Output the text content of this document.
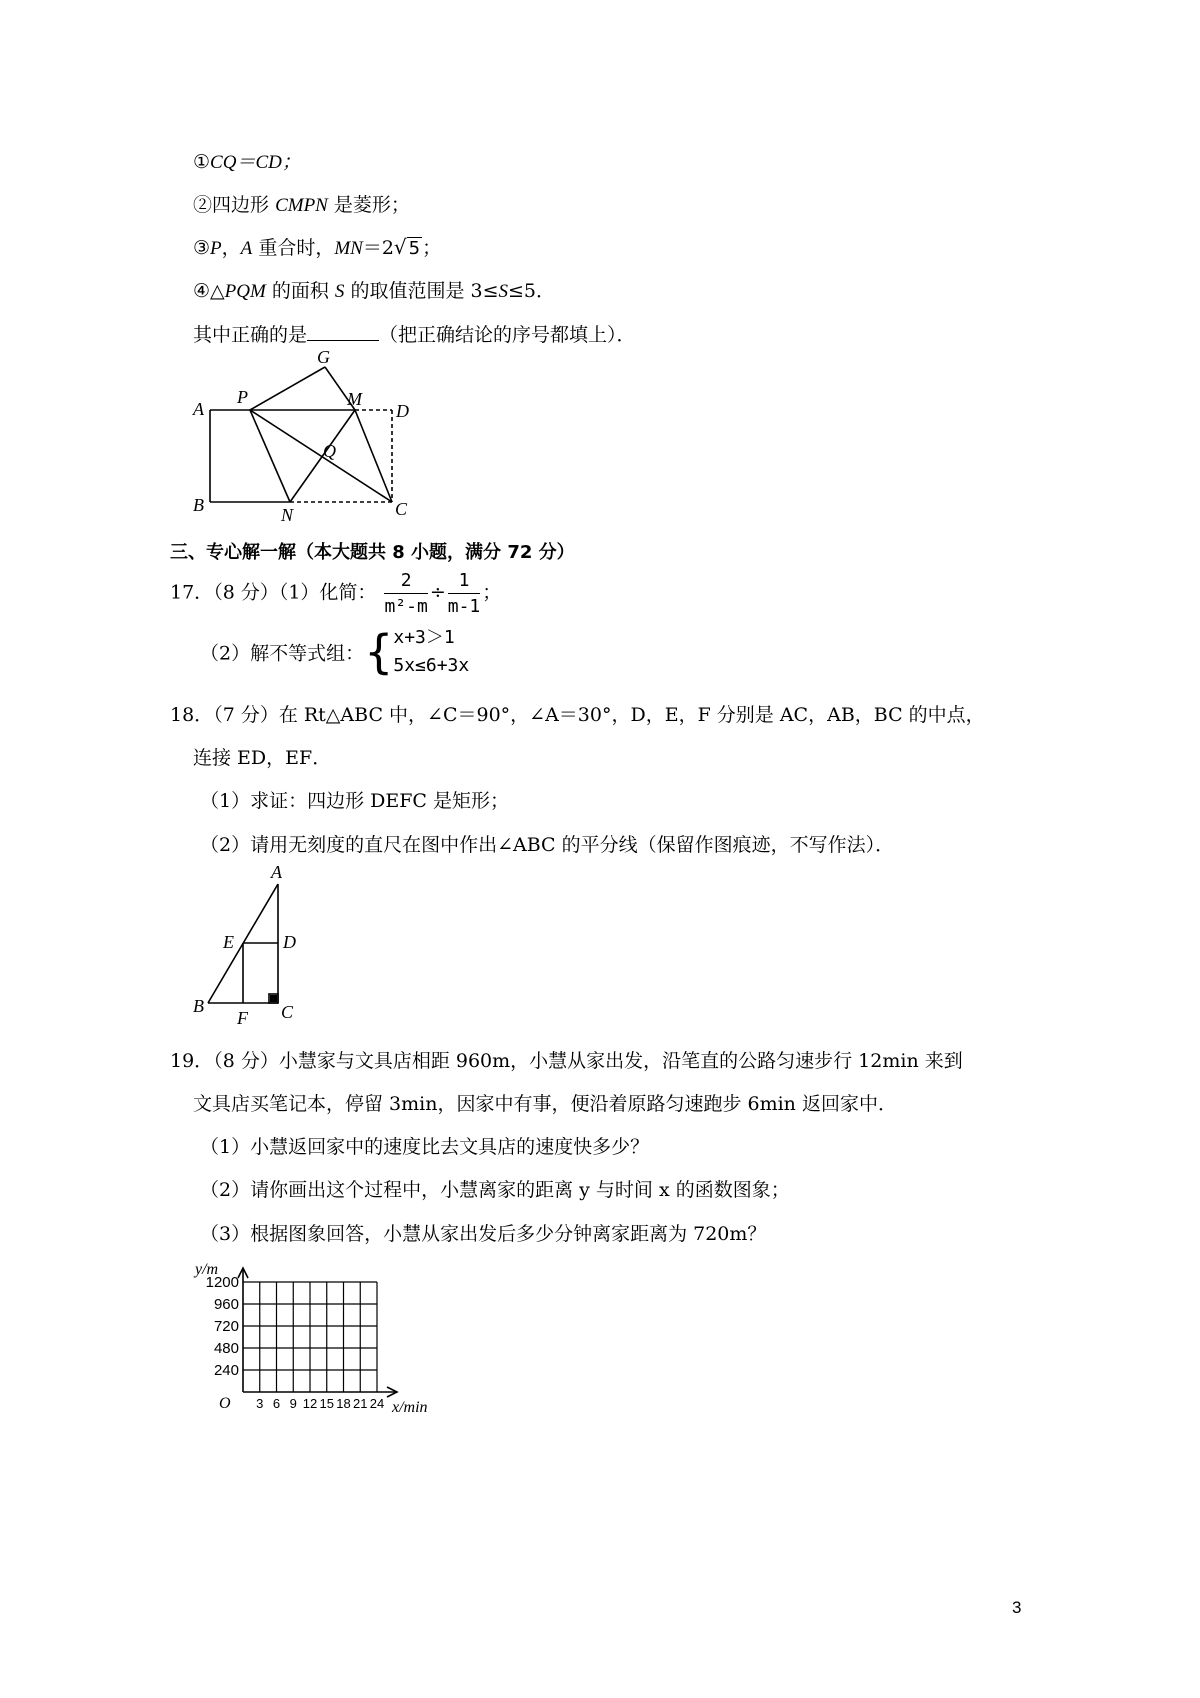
①CQ＝CD；
②四边形 CMPN 是菱形；
③P，A 重合时，MN＝2√ 5 ；
④△PQM 的面积 S 的取值范围是 3≤S≤5．
其中正确的是	（把正确结论的序号都填上）．
G
A
P	M
D
Q
B	N	C
三、专心解一解（本大题共 8 小题，满分 72 分）
17．（8 分）（1）化简： $\frac{2}{\text{m²-m}} \div \frac{1}{m-1}$ ；
（2）解不等式组：{ x+3＞1
5x≤6+3x
18．（7 分）在 Rt△ABC 中，∠C＝90°，∠A＝30°，D，E，F 分别是 AC，AB，BC 的中点，
连接 ED，EF．
（1）求证：四边形 DEFC 是矩形；
（2）请用无刻度的直尺在图中作出∠ABC 的平分线（保留作图痕迹，不写作法）．
A
E	D
B
F C
19．（8 分）小慧家与文具店相距 960m，小慧从家出发，沿笔直的公路匀速步行 12min 来到
文具店买笔记本，停留 3min，因家中有事，便沿着原路匀速跑步 6min 返回家中．
（1）小慧返回家中的速度比去文具店的速度快多少？
（2）请你画出这个过程中，小慧离家的距离 y 与时间 x 的函数图象；
（3）根据图象回答，小慧从家出发后多少分钟离家距离为 720m？
y/m
x/min
O
1200
960
720
480
240
3 6 9 12 15 18 21 24
3
